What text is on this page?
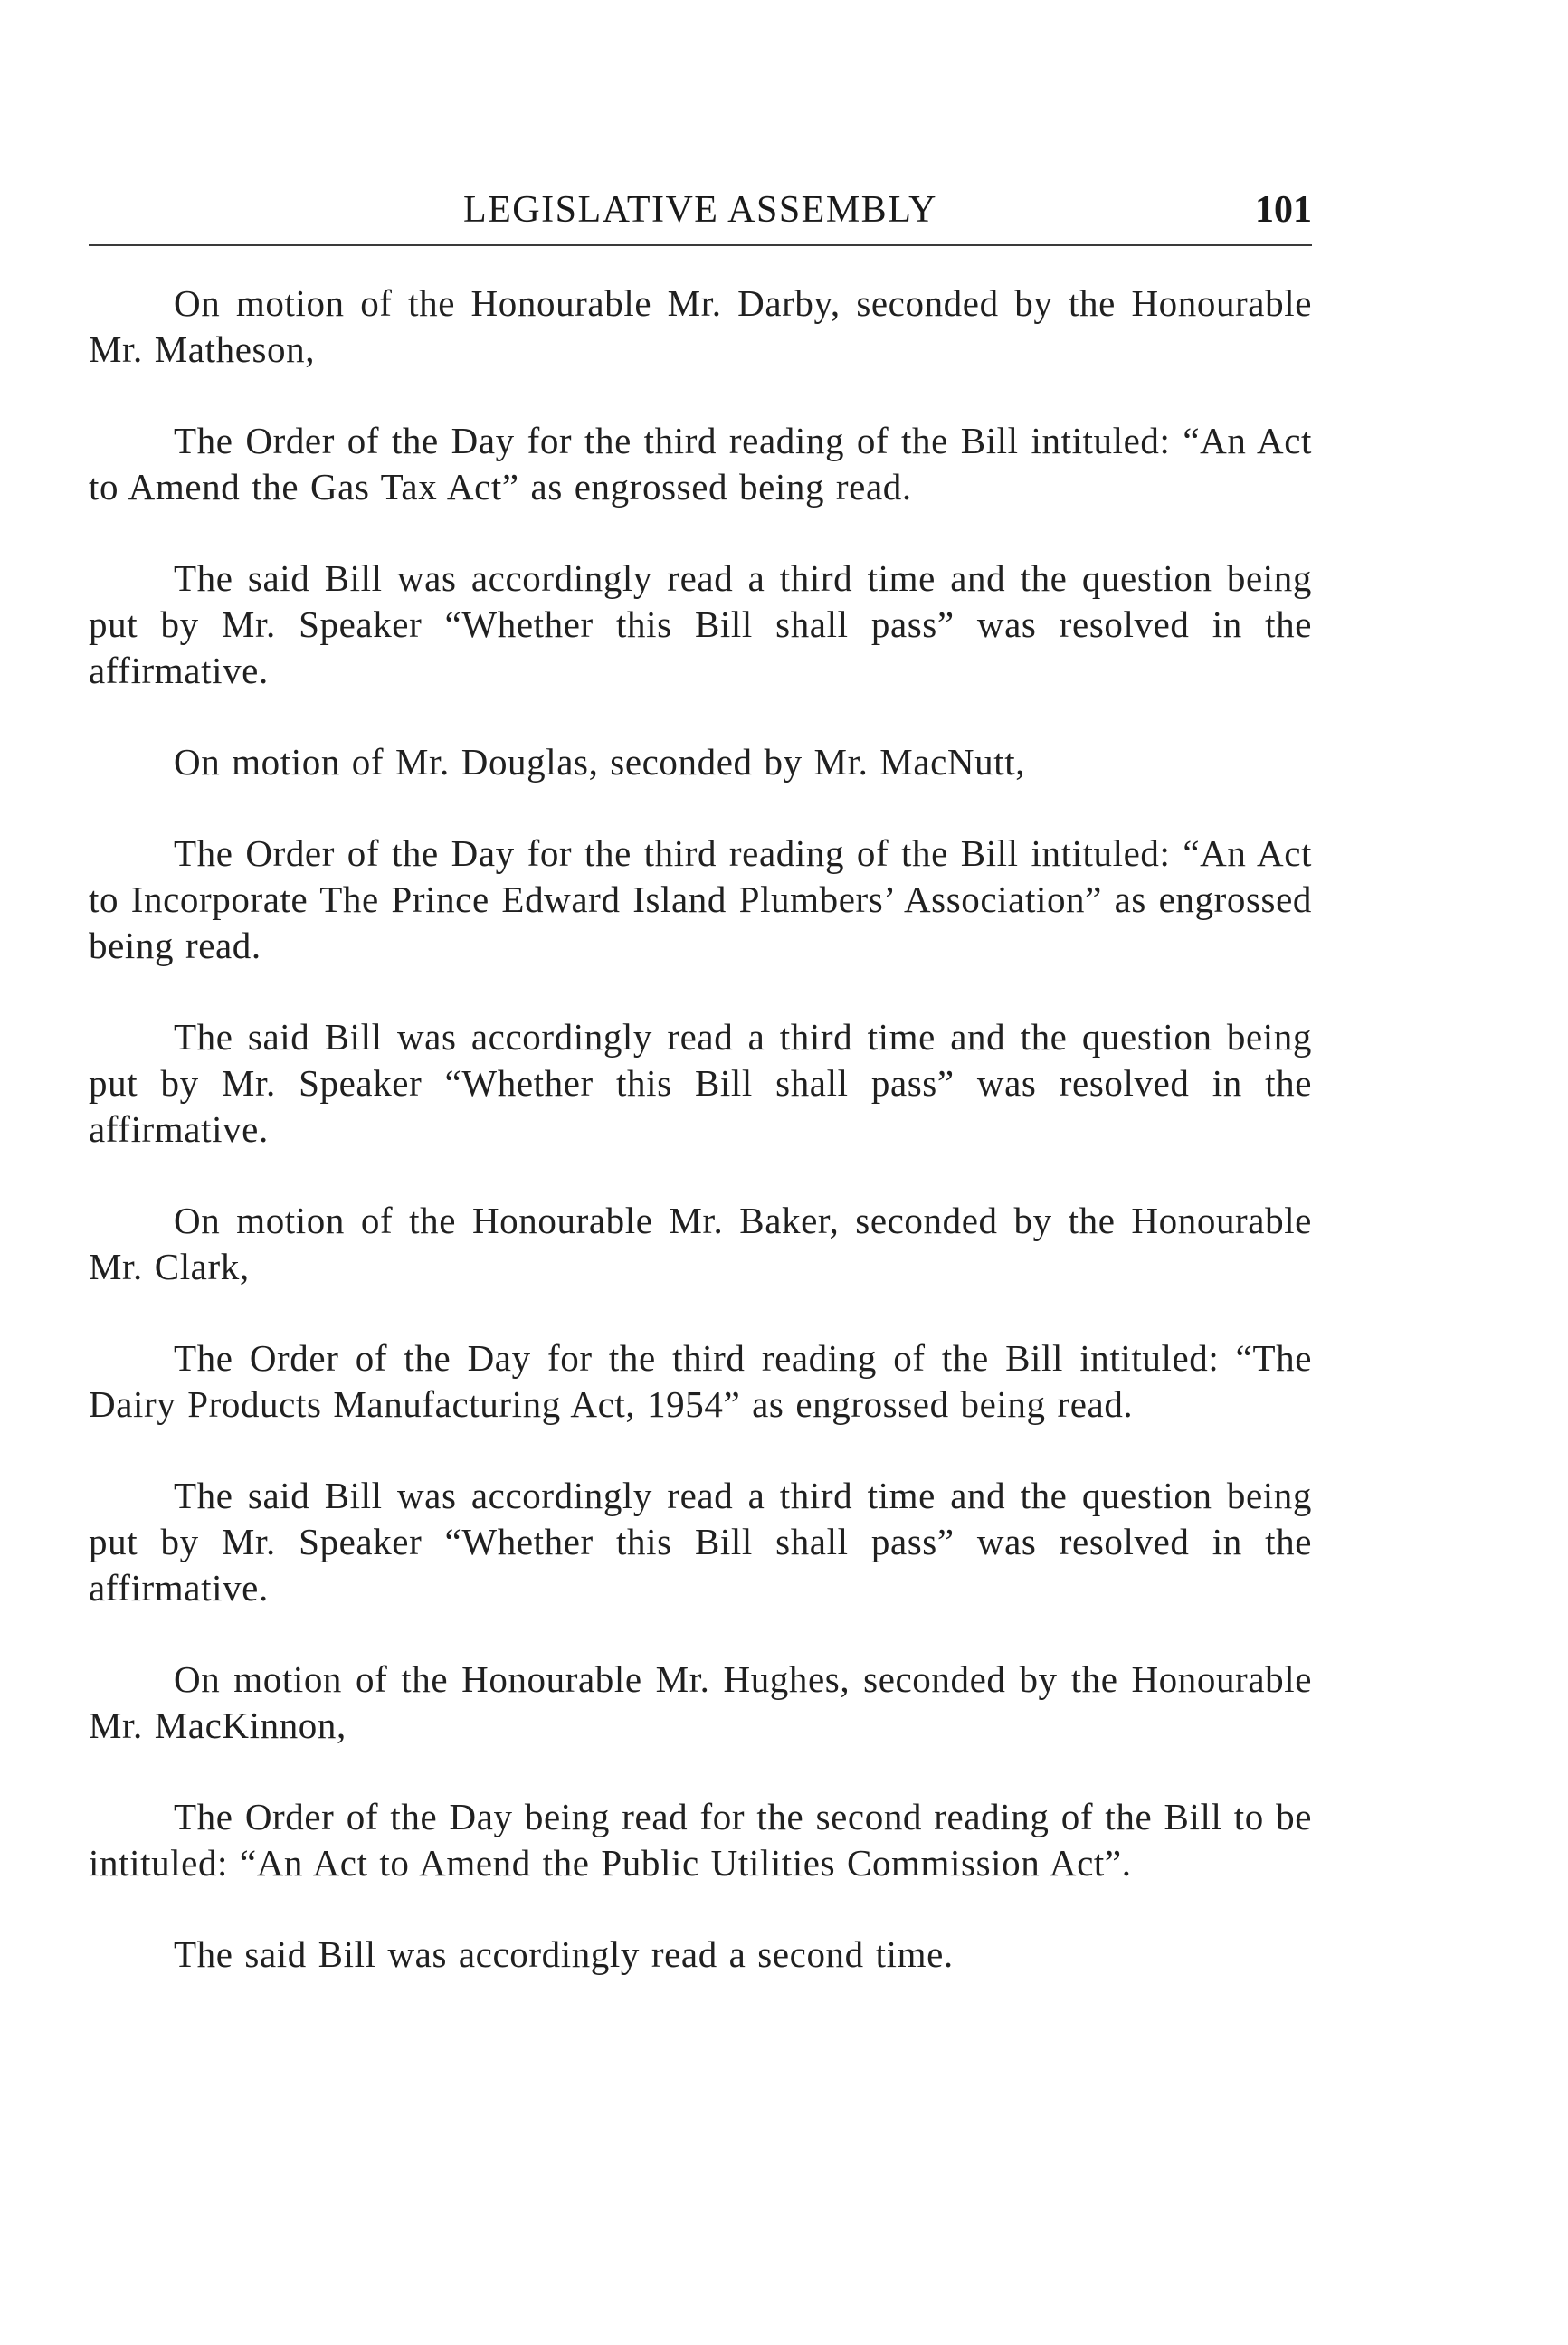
LEGISLATIVE ASSEMBLY	101

On motion of the Honourable Mr. Darby, seconded by the Honourable Mr. Matheson,

The Order of the Day for the third reading of the Bill intituled: “An Act to Amend the Gas Tax Act” as engrossed being read.

The said Bill was accordingly read a third time and the question being put by Mr. Speaker “Whether this Bill shall pass” was resolved in the affirmative.

On motion of Mr. Douglas, seconded by Mr. MacNutt,

The Order of the Day for the third reading of the Bill intituled: “An Act to Incorporate The Prince Edward Island Plumbers’ Association” as engrossed being read.

The said Bill was accordingly read a third time and the question being put by Mr. Speaker “Whether this Bill shall pass” was resolved in the affirmative.

On motion of the Honourable Mr. Baker, seconded by the Honourable Mr. Clark,

The Order of the Day for the third reading of the Bill intituled: “The Dairy Products Manufacturing Act, 1954” as engrossed being read.

The said Bill was accordingly read a third time and the question being put by Mr. Speaker “Whether this Bill shall pass” was resolved in the affirmative.

On motion of the Honourable Mr. Hughes, seconded by the Honourable Mr. MacKinnon,

The Order of the Day being read for the second reading of the Bill to be intituled: “An Act to Amend the Public Utilities Commission Act”.

The said Bill was accordingly read a second time.
